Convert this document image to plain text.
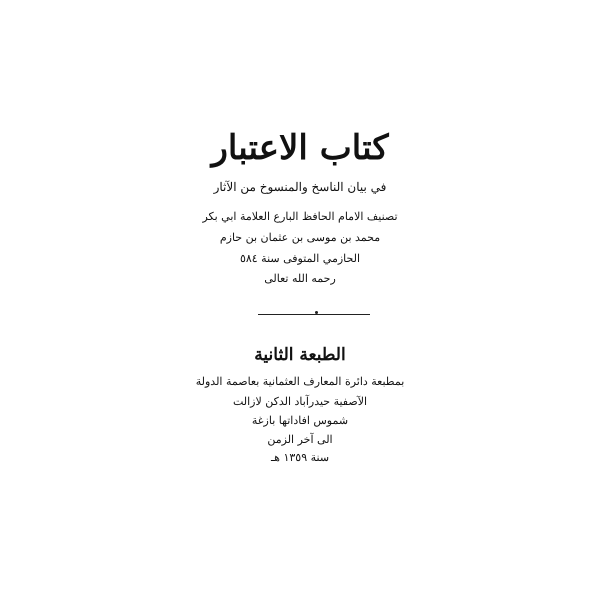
كتاب الاعتبار
في بيان الناسخ والمنسوخ من الآثار
تصنيف الامام الحافظ البارع العلامة ابي بكر
محمد بن موسى بن عثمان بن حازم
الحازمي المتوفى سنة ٥٨٤
رحمه الله تعالى
الطبعة الثانية
بمطبعة دائرة المعارف العثمانية بعاصمة الدولة
الآصفية حيدرآباد الدكن لازالت
شموس افاداتها بازغة
الى آخر الزمن
سنة ١٣٥٩ هـ
